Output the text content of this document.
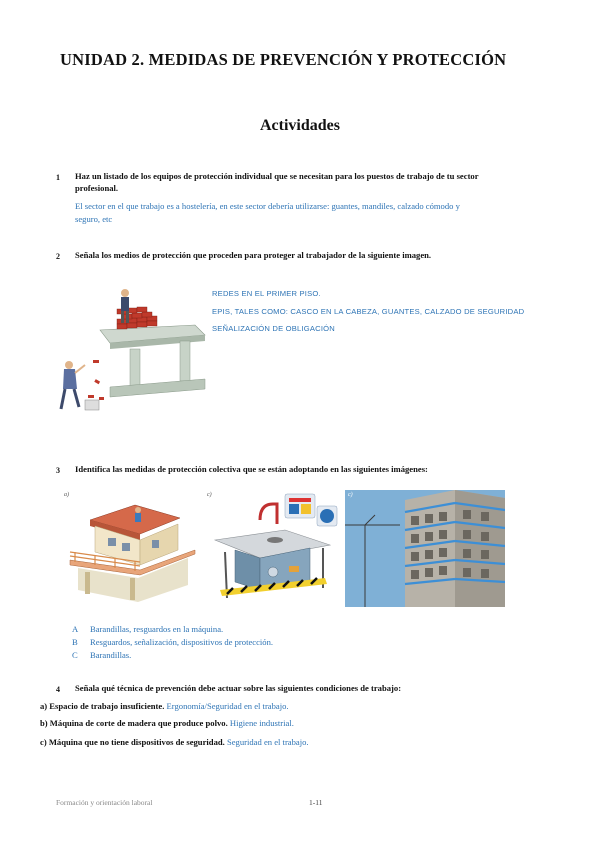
UNIDAD 2. MEDIDAS DE PREVENCIÓN Y PROTECCIÓN
Actividades
1 Haz un listado de los equipos de protección individual que se necesitan para los puestos de trabajo de tu sector
profesional.
El sector en el que trabajo es a hostelería, en este sector debería utilizarse: guantes, mandiles, calzado cómodo y
seguro, etc
2 Señala los medios de protección que proceden para proteger al trabajador de la siguiente imagen.
REDES EN EL PRIMER PISO.
EPIS, TALES COMO: CASCO EN LA CABEZA, GUANTES, CALZADO DE SEGURIDAD
SEÑALIZACIÓN DE OBLIGACIÓN
3 Identifica las medidas de protección colectiva que se están adoptando en las siguientes imágenes:
a)	c)	c)
A Barandillas, resguardos en la máquina.
B Resguardos, señalización, dispositivos de protección.
C Barandillas.
4 Señala qué técnica de prevención debe actuar sobre las siguientes condiciones de trabajo:
a) Espacio de trabajo insuficiente. Ergonomía/Seguridad en el trabajo.
b) Máquina de corte de madera que produce polvo. Higiene industrial.
c) Máquina que no tiene dispositivos de seguridad. Seguridad en el trabajo.
Formación y orientación laboral	1-11
